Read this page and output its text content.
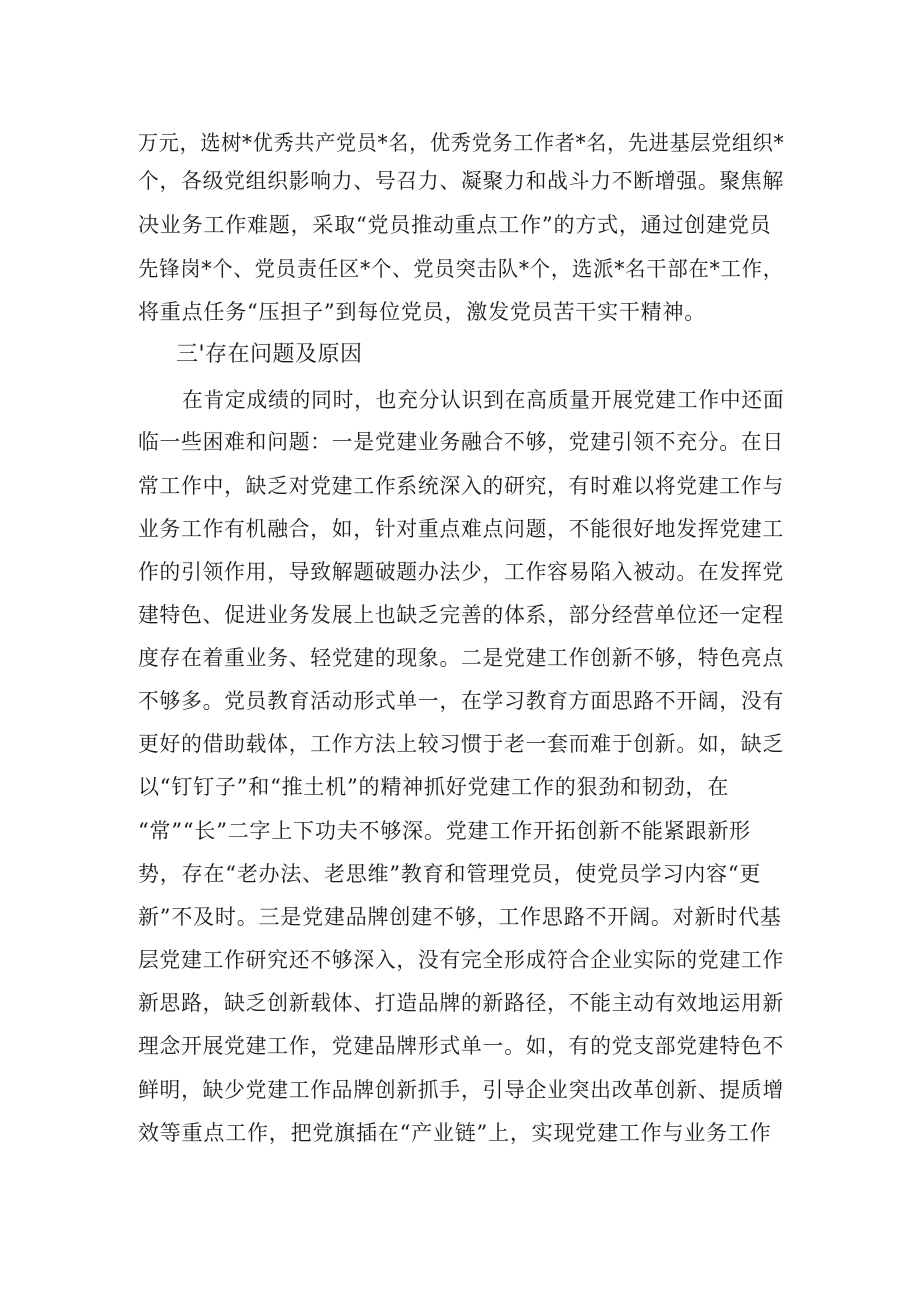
万元，选树*优秀共产党员*名，优秀党务工作者*名，先进基层党组织*
个，各级党组织影响力、号召力、凝聚力和战斗力不断增强。聚焦解
决业务工作难题，采取“党员推动重点工作”的方式，通过创建党员
先锋岗*个、党员责任区*个、党员突击队*个，选派*名干部在*工作，
将重点任务“压担子”到每位党员，激发党员苦干实干精神。
三'存在问题及原因
在肯定成绩的同时，也充分认识到在高质量开展党建工作中还面
临一些困难和问题：一是党建业务融合不够，党建引领不充分。在日
常工作中，缺乏对党建工作系统深入的研究，有时难以将党建工作与
业务工作有机融合，如，针对重点难点问题，不能很好地发挥党建工
作的引领作用，导致解题破题办法少，工作容易陷入被动。在发挥党
建特色、促进业务发展上也缺乏完善的体系，部分经营单位还一定程
度存在着重业务、轻党建的现象。二是党建工作创新不够，特色亮点
不够多。党员教育活动形式单一，在学习教育方面思路不开阔，没有
更好的借助载体，工作方法上较习惯于老一套而难于创新。如，缺乏
以“钉钉子”和“推土机”的精神抓好党建工作的狠劲和韧劲，在
“常”“长”二字上下功夫不够深。党建工作开拓创新不能紧跟新形
势，存在“老办法、老思维”教育和管理党员，使党员学习内容“更
新”不及时。三是党建品牌创建不够，工作思路不开阔。对新时代基
层党建工作研究还不够深入，没有完全形成符合企业实际的党建工作
新思路，缺乏创新载体、打造品牌的新路径，不能主动有效地运用新
理念开展党建工作，党建品牌形式单一。如，有的党支部党建特色不
鲜明，缺少党建工作品牌创新抓手，引导企业突出改革创新、提质增
效等重点工作，把党旗插在“产业链”上，实现党建工作与业务工作
